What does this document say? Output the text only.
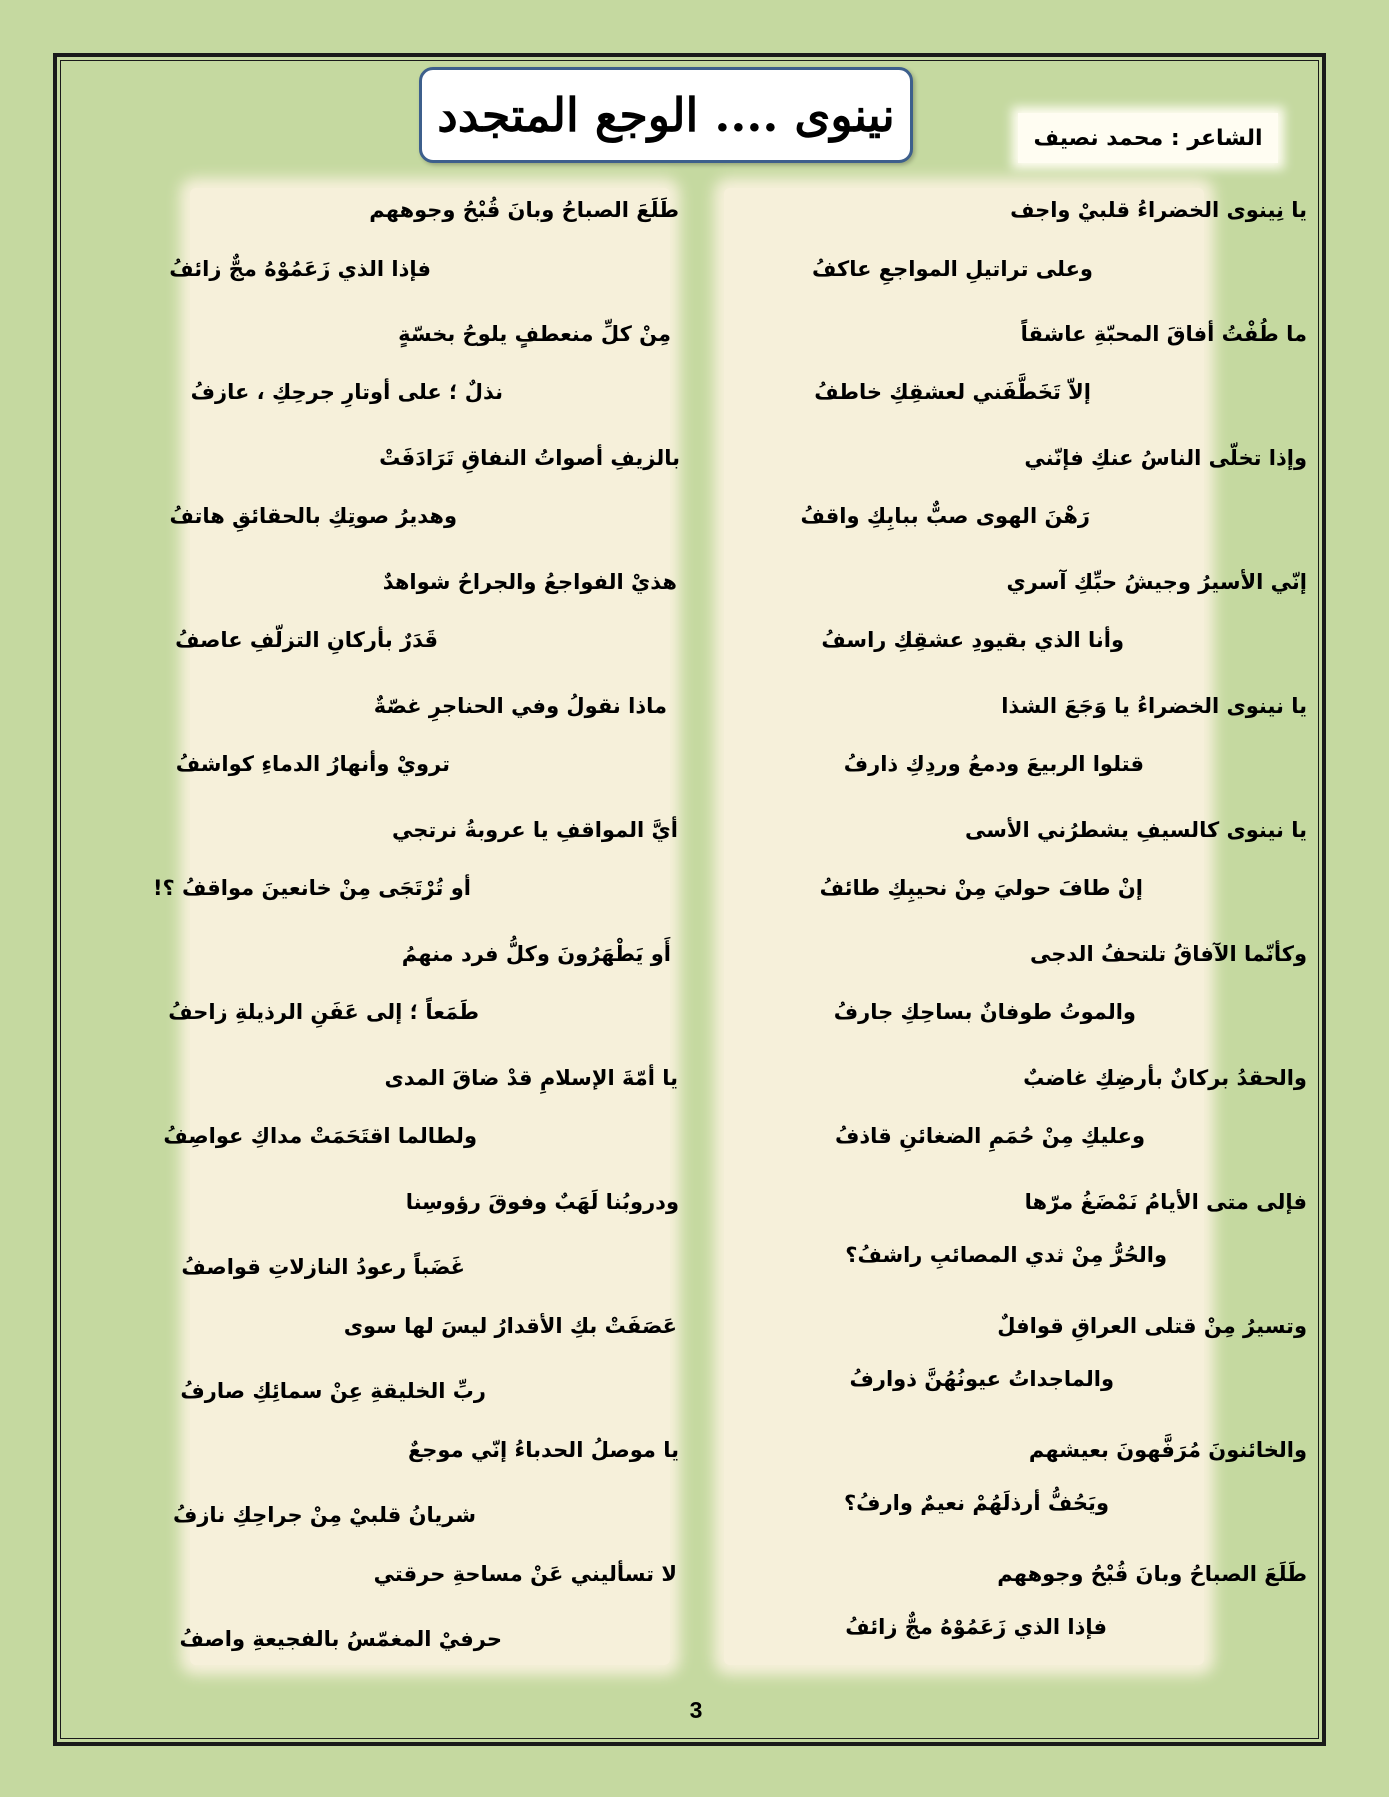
نينوى .... الوجع المتجدد	الشاعر : محمد نصيف
يا نِينوى الخضراءُ قلبيْ واجف
وعلى تراتيلِ المواجعِ عاكفُ
ما طُفْتُ أفاقَ المحبّةِ عاشقاً
إلاّ تَخَطَّفَني لعشقِكِ خاطفُ
وإذا تخلّى الناسُ عنكِ فإنّني
رَهْنَ الهوى صبٌّ ببابِكِ واقفُ
إنّي الأسيرُ وجيشُ حبِّكِ آسري
وأنا الذي بقيودِ عشقِكِ راسفُ
يا نينوى الخضراءُ يا وَجَعَ الشذا
قتلوا الربيعَ ودمعُ وردِكِ ذارفُ
يا نينوى كالسيفِ يشطرُني الأسى
إنْ طافَ حوليَ مِنْ نحيبِكِ طائفُ
وكأنّما الآفاقُ تلتحفُ الدجى
والموتُ طوفانٌ بساحِكِ جارفُ
والحقدُ بركانٌ بأرضِكِ غاضبٌ
وعليكِ مِنْ حُمَمِ الضغائنِ قاذفُ
فإلى متى الأيامُ نَمْضَغُ مرّها
والحُرُّ مِنْ ثدي المصائبِ راشفُ؟
وتسيرُ مِنْ قتلى العراقِ قوافلٌ
والماجداتُ عيونُهُنَّ ذوارفُ
والخائنونَ مُرَفَّهونَ بعيشهم
ويَحُفُّ أرذلَهُمْ نعيمٌ وارفُ؟
طَلَعَ الصباحُ وبانَ قُبْحُ وجوههم
فإذا الذي زَعَمُوْهُ مجٌّ زائفُ
طَلَعَ الصباحُ وبانَ قُبْحُ وجوههم
فإذا الذي زَعَمُوْهُ مجٌّ زائفُ
مِنْ كلِّ منعطفٍ يلوحُ بخسّةٍ
نذلٌ ؛ على أوتارِ جرحِكِ ، عازفُ
بالزيفِ أصواتُ النفاقِ تَرَادَفَتْ
وهديرُ صوتِكِ بالحقائقِ هاتفُ
هذيْ الفواجعُ والجراحُ شواهدٌ
قَدَرٌ بأركانِ التزلّفِ عاصفُ
ماذا نقولُ وفي الحناجرِ غصّةٌ
ترويْ وأنهارُ الدماءِ كواشفُ
أيَّ المواقفِ يا عروبةُ نرتجي
أو تُرْتَجَى مِنْ خانعينَ مواقفُ ؟!
أَو يَطْهَرُونَ وكلُّ فرد منهمُ
طَمَعاً ؛ إلى عَفَنِ الرذيلةِ زاحفُ
يا أمّةَ الإسلامِ قدْ ضاقَ المدى
ولطالما اقتَحَمَتْ مداكِ عواصِفُ
ودروبُنا لَهَبٌ وفوقَ رؤوسِنا
غَضَباً رعودُ النازلاتِ قواصفُ
عَصَفَتْ بكِ الأقدارُ ليسَ لها سوى
ربِّ الخليقةِ عِنْ سمائِكِ صارفُ
يا موصلُ الحدباءُ إنّي موجعٌ
شريانُ قلبيْ مِنْ جراحِكِ نازفُ
لا تسأليني عَنْ مساحةِ حرقتي
حرفيْ المغمّسُ بالفجيعةِ واصفُ
3
